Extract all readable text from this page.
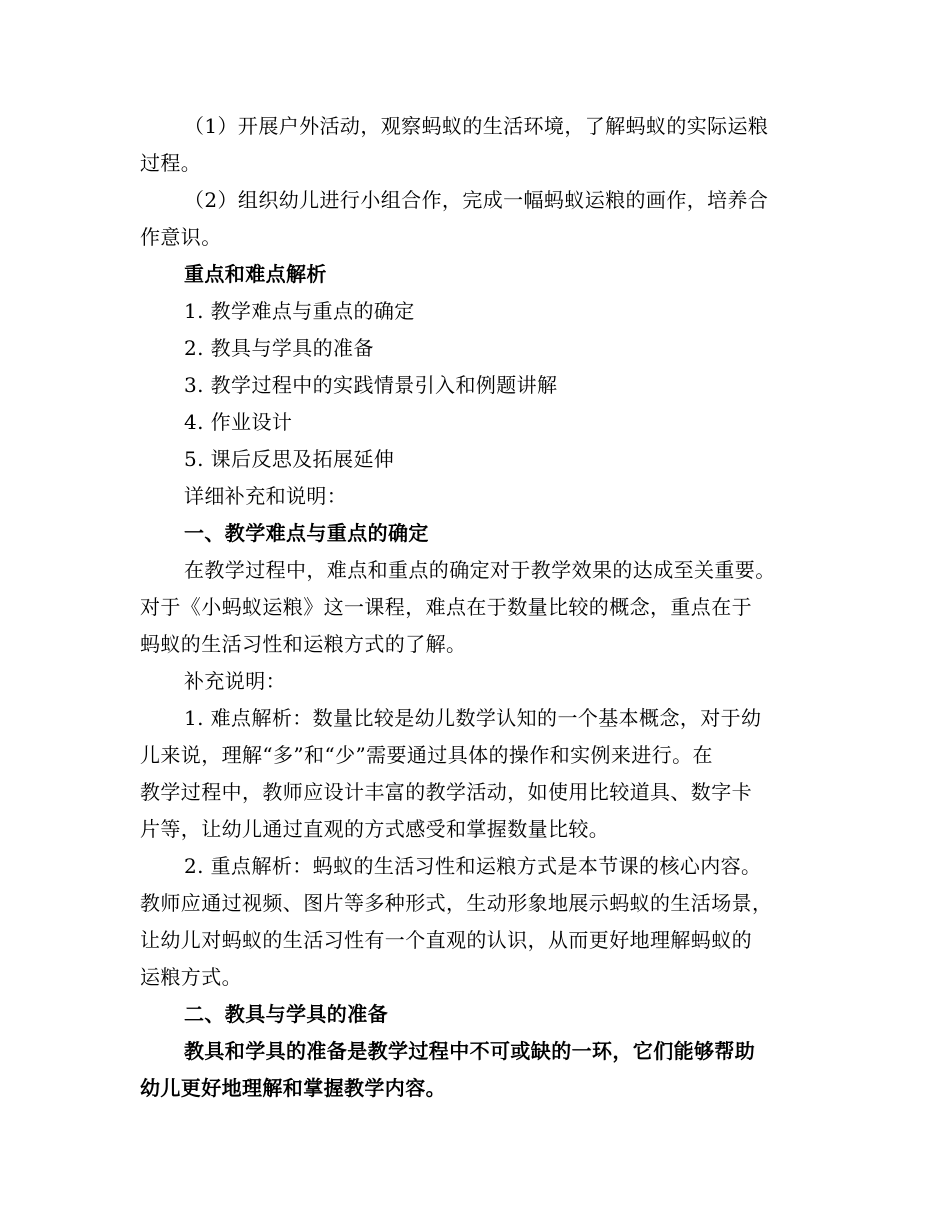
（1）开展户外活动，观察蚂蚁的生活环境，了解蚂蚁的实际运粮

过程。

（2）组织幼儿进行小组合作，完成一幅蚂蚁运粮的画作，培养合

作意识。

重点和难点解析

1. 教学难点与重点的确定

2. 教具与学具的准备

3. 教学过程中的实践情景引入和例题讲解

4. 作业设计

5. 课后反思及拓展延伸

详细补充和说明：

一、教学难点与重点的确定

在教学过程中，难点和重点的确定对于教学效果的达成至关重要。

对于《小蚂蚁运粮》这一课程，难点在于数量比较的概念，重点在于

蚂蚁的生活习性和运粮方式的了解。

补充说明：

1. 难点解析：数量比较是幼儿数学认知的一个基本概念，对于幼

儿来说，理解“多”和“少”需要通过具体的操作和实例来进行。在

教学过程中，教师应设计丰富的教学活动，如使用比较道具、数字卡

片等，让幼儿通过直观的方式感受和掌握数量比较。

2. 重点解析：蚂蚁的生活习性和运粮方式是本节课的核心内容。

教师应通过视频、图片等多种形式，生动形象地展示蚂蚁的生活场景，

让幼儿对蚂蚁的生活习性有一个直观的认识，从而更好地理解蚂蚁的

运粮方式。

二、教具与学具的准备

教具和学具的准备是教学过程中不可或缺的一环，它们能够帮助

幼儿更好地理解和掌握教学内容。
